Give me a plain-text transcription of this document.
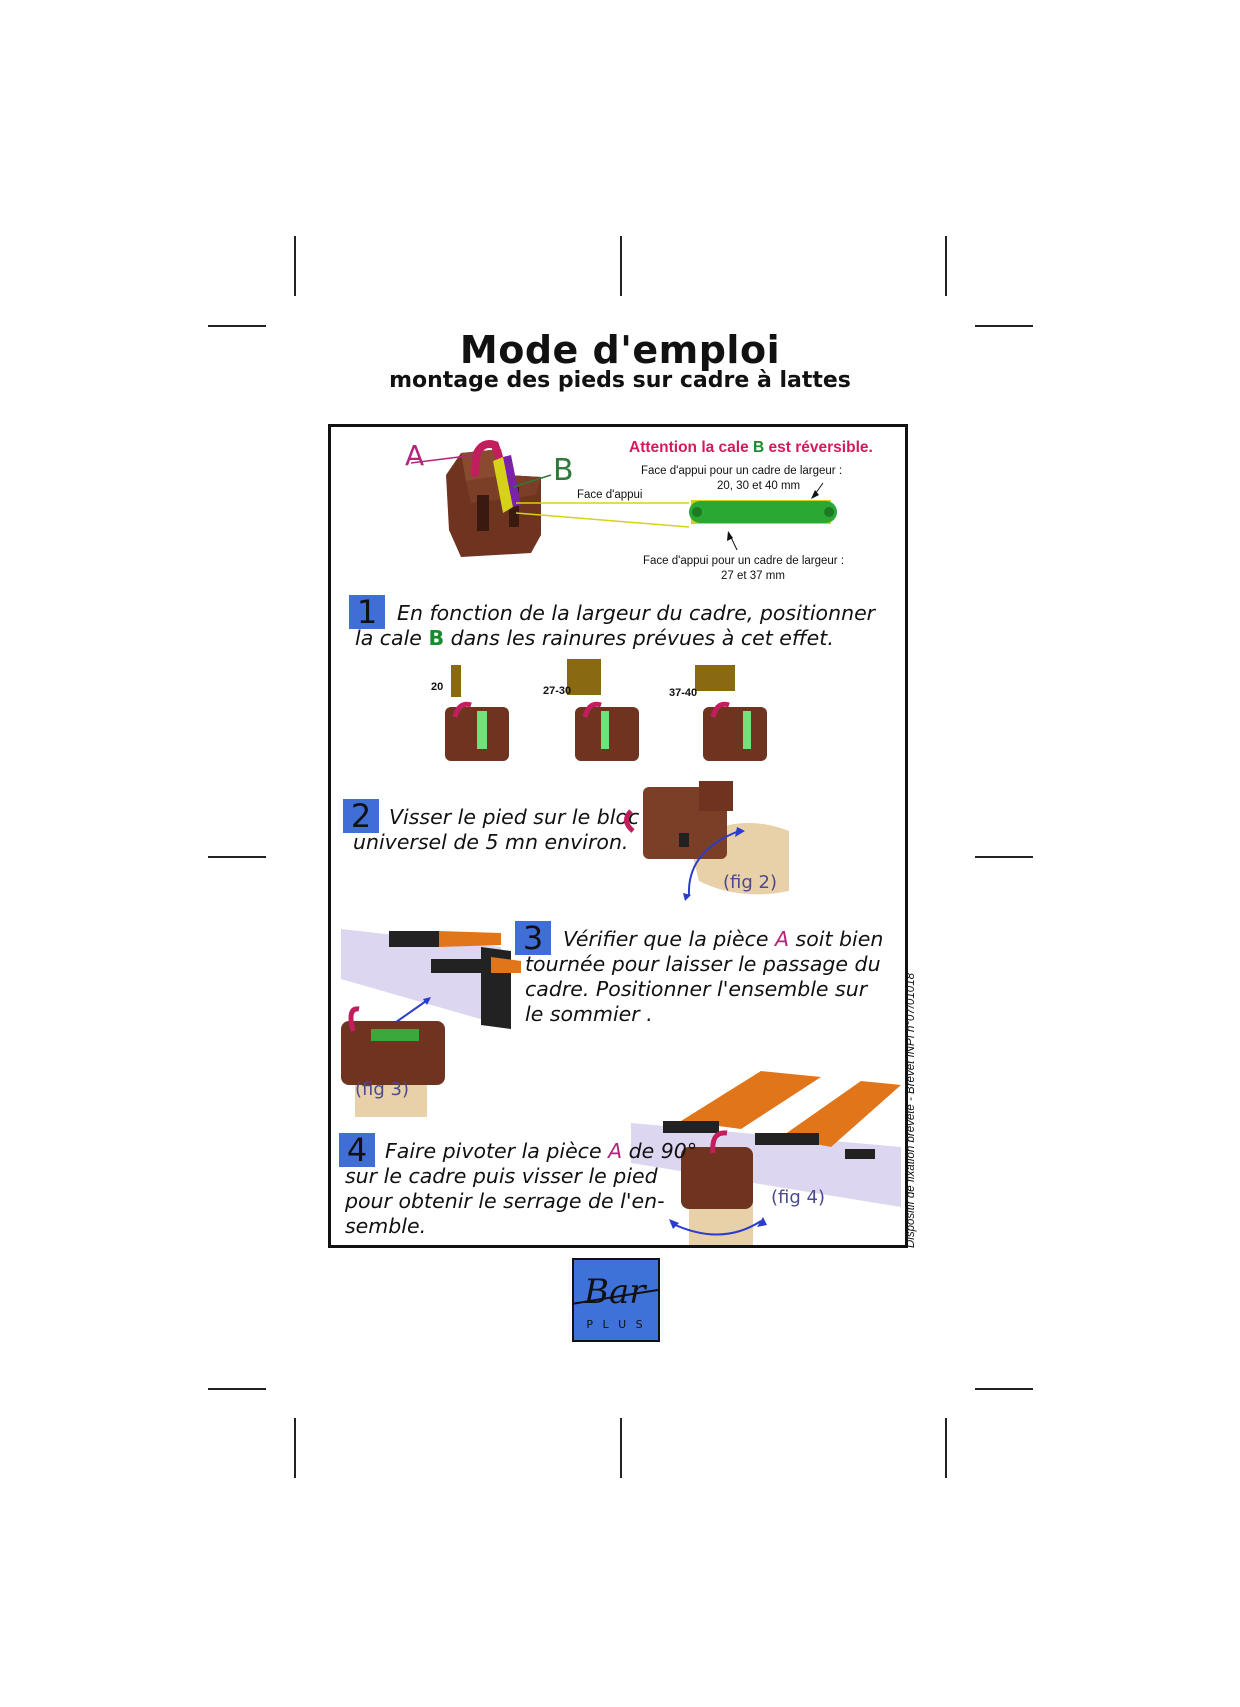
Mode d'emploi
montage des pieds sur cadre à lattes
A	B
Face d'appui
Attention la cale B est réversible.
Face d'appui pour un cadre de largeur :
20, 30 et 40 mm
Face d'appui pour un cadre de largeur :
27 et 37 mm
1 En fonction de la largeur du cadre, positionner
la cale B dans les rainures prévues à cet effet.
20	27-30	37-40
2 Visser le pied sur le bloc
universel de 5 mn environ.
(fig 2)
(fig 3)
3 Vérifier que la pièce A soit bien
tournée pour laisser le passage du
cadre. Positionner l'ensemble sur
le sommier .
(fig 4)
4 Faire pivoter la pièce A de 90°
sur le cadre puis visser le pied
pour obtenir le serrage de l'en-
semble.	Dispositif de fixation breveté - Brevet INPI n°07/01018
Bar
P L U S
